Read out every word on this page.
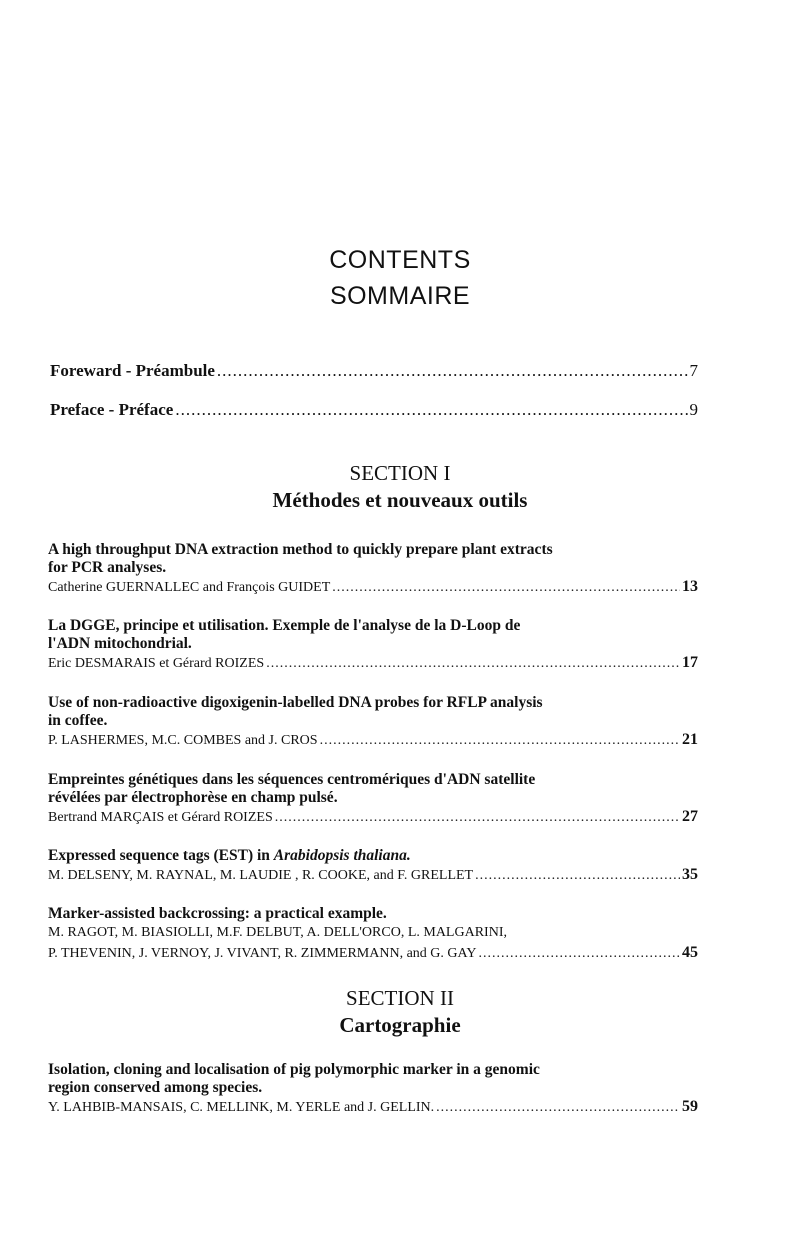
CONTENTS
SOMMAIRE
Foreward - Préambule .....	7
Preface - Préface .....	9
SECTION I
Méthodes et nouveaux outils
A high throughput DNA extraction method to quickly prepare plant extracts
for PCR analyses.
Catherine GUERNALLEC and François GUIDET .....	13
La DGGE, principe et utilisation. Exemple de l'analyse de la D-Loop de
l'ADN mitochondrial.
Eric DESMARAIS et Gérard ROIZES .....	17
Use of non-radioactive digoxigenin-labelled DNA probes for RFLP analysis
in coffee.
P. LASHERMES, M.C. COMBES and J. CROS .....	21
Empreintes génétiques dans les séquences centromériques d'ADN satellite
révélées par électrophorèse en champ pulsé.
Bertrand MARÇAIS et Gérard ROIZES .....	27
Expressed sequence tags (EST) in Arabidopsis thaliana.
M. DELSENY, M. RAYNAL, M. LAUDIE , R. COOKE, and F. GRELLET .....	35
Marker-assisted backcrossing: a practical example.
M. RAGOT, M. BIASIOLLI, M.F. DELBUT, A. DELL'ORCO, L. MALGARINI,
P. THEVENIN, J. VERNOY, J. VIVANT, R. ZIMMERMANN, and G. GAY .....	45
SECTION II
Cartographie
Isolation, cloning and localisation of pig polymorphic marker in a genomic
region conserved among species.
Y. LAHBIB-MANSAIS, C. MELLINK, M. YERLE and J. GELLIN. .....	59
